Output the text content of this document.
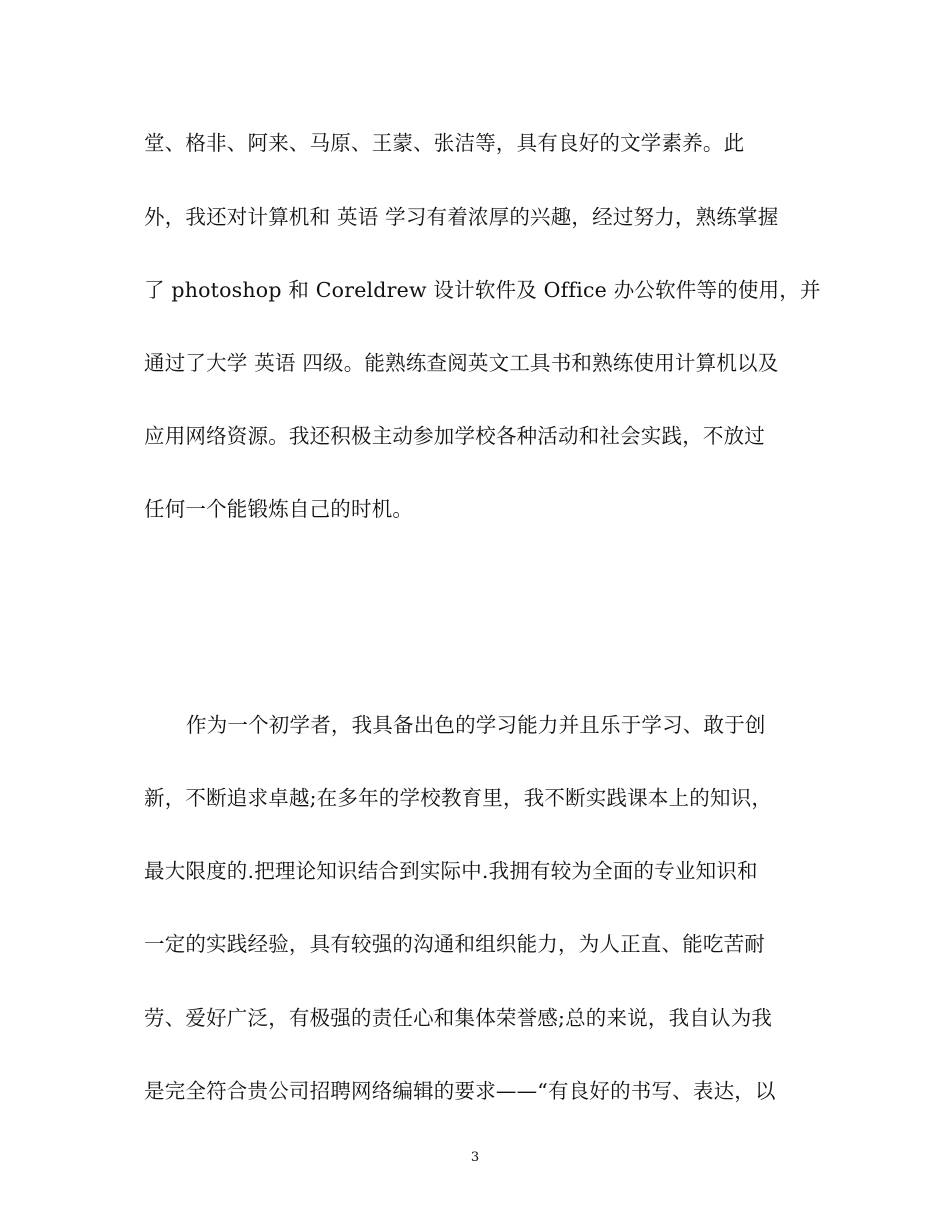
堂、格非、阿来、马原、王蒙、张洁等，具有良好的文学素养。此
外，我还对计算机和 英语 学习有着浓厚的兴趣，经过努力，熟练掌握
了 photoshop 和 Coreldrew 设计软件及 Office 办公软件等的使用，并
通过了大学 英语 四级。能熟练查阅英文工具书和熟练使用计算机以及
应用网络资源。我还积极主动参加学校各种活动和社会实践，不放过
任何一个能锻炼自己的时机。
作为一个初学者，我具备出色的学习能力并且乐于学习、敢于创
新，不断追求卓越;在多年的学校教育里，我不断实践课本上的知识，
最大限度的.把理论知识结合到实际中.我拥有较为全面的专业知识和
一定的实践经验，具有较强的沟通和组织能力，为人正直、能吃苦耐
劳、爱好广泛，有极强的责任心和集体荣誉感;总的来说，我自认为我
是完全符合贵公司招聘网络编辑的要求——“有良好的书写、表达，以
3
